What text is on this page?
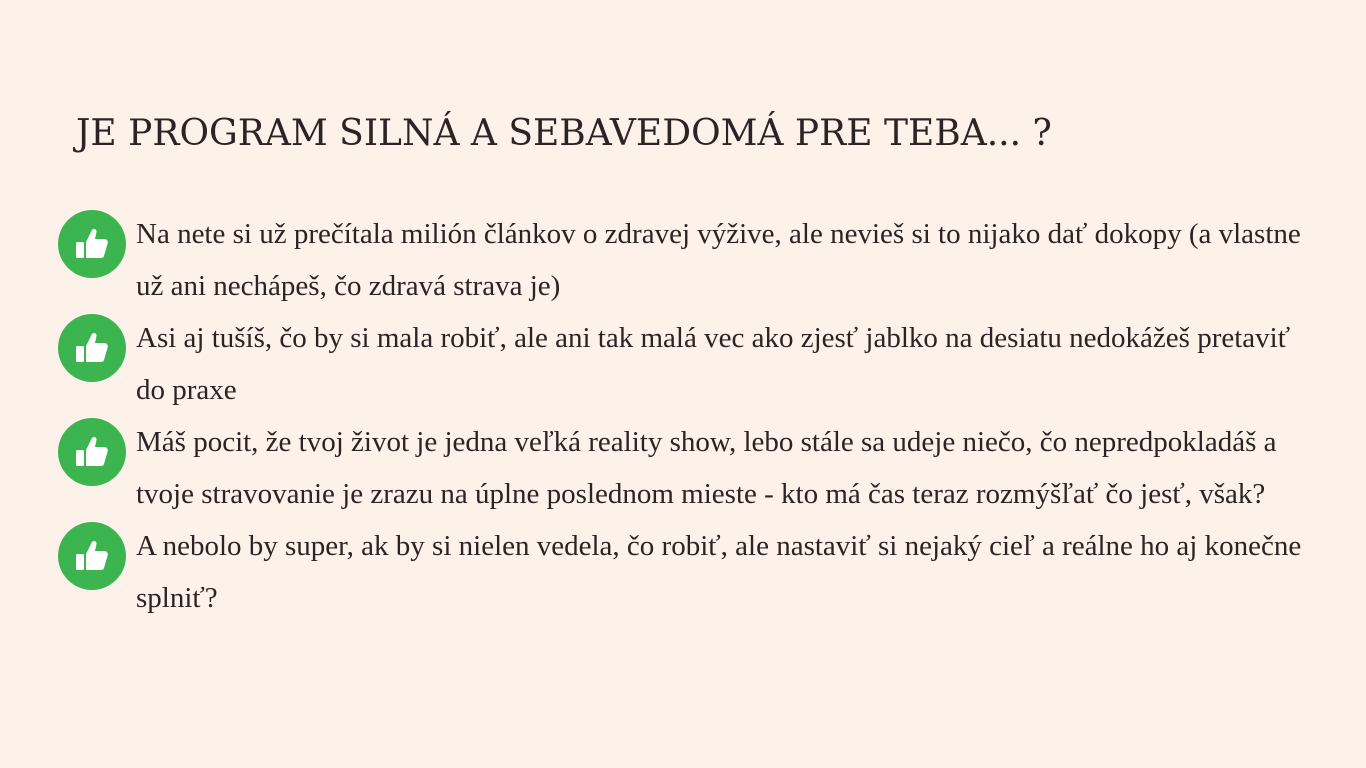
JE PROGRAM SILNÁ A SEBAVEDOMÁ PRE TEBA... ?
Na nete si už prečítala milión článkov o zdravej výžive, ale nevieš si to nijako dať dokopy (a vlastne už ani nechápeš, čo zdravá strava je)
Asi aj tušíš, čo by si mala robiť, ale ani tak malá vec ako zjesť jablko na desiatu nedokážeš pretaviť do praxe
Máš pocit, že tvoj život je jedna veľká reality show, lebo stále sa udeje niečo, čo nepredpokladáš a tvoje stravovanie je zrazu na úplne poslednom mieste - kto má čas teraz rozmýšľať čo jesť, však?
A nebolo by super, ak by si nielen vedela, čo robiť, ale nastaviť si nejaký cieľ a reálne ho aj konečne splniť?
